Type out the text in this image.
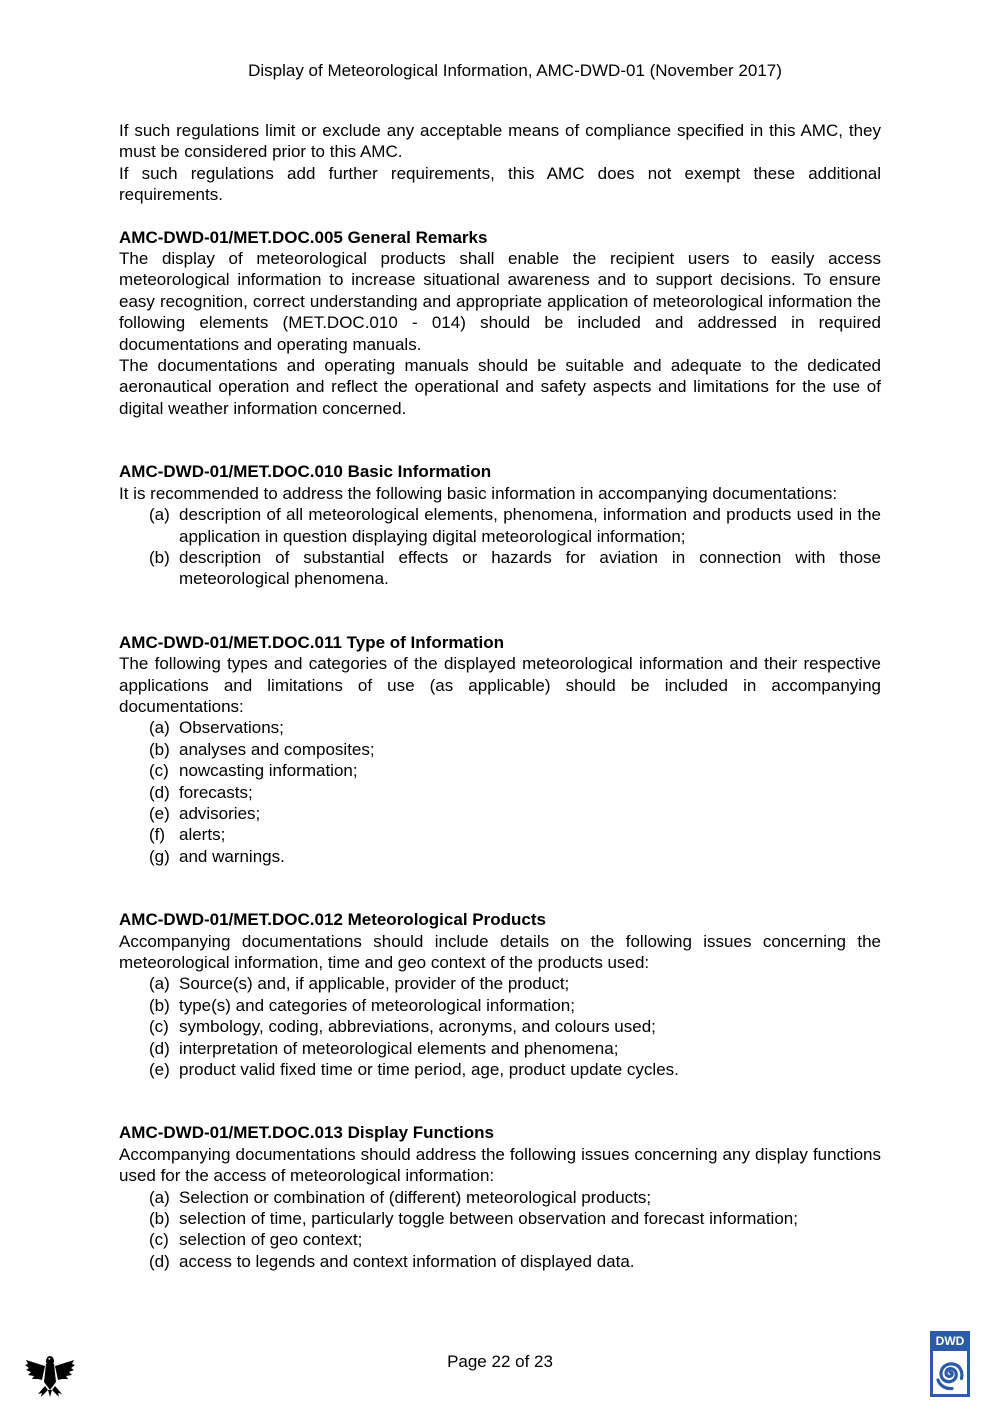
Display of Meteorological Information, AMC-DWD-01 (November 2017)

If such regulations limit or exclude any acceptable means of compliance specified in this AMC, they must be considered prior to this AMC.

If such regulations add further requirements, this AMC does not exempt these additional requirements.

AMC-DWD-01/MET.DOC.005 General Remarks

The display of meteorological products shall enable the recipient users to easily access meteorological information to increase situational awareness and to support decisions. To ensure easy recognition, correct understanding and appropriate application of meteorological information the following elements (MET.DOC.010 - 014) should be included and addressed in required documentations and operating manuals.

The documentations and operating manuals should be suitable and adequate to the dedicated aeronautical operation and reflect the operational and safety aspects and limitations for the use of digital weather information concerned.

AMC-DWD-01/MET.DOC.010 Basic Information

It is recommended to address the following basic information in accompanying documentations:

(a) description of all meteorological elements, phenomena, information and products used in the application in question displaying digital meteorological information;
(b) description of substantial effects or hazards for aviation in connection with those meteorological phenomena.
AMC-DWD-01/MET.DOC.011 Type of Information

The following types and categories of the displayed meteorological information and their respective applications and limitations of use (as applicable) should be included in accompanying documentations:

(a) Observations;
(b) analyses and composites;
(c) nowcasting information;
(d) forecasts;
(e) advisories;
(f) alerts;
(g) and warnings.
AMC-DWD-01/MET.DOC.012 Meteorological Products

Accompanying documentations should include details on the following issues concerning the meteorological information, time and geo context of the products used:

(a) Source(s) and, if applicable, provider of the product;
(b) type(s) and categories of meteorological information;
(c) symbology, coding, abbreviations, acronyms, and colours used;
(d) interpretation of meteorological elements and phenomena;
(e) product valid fixed time or time period, age, product update cycles.
AMC-DWD-01/MET.DOC.013 Display Functions

Accompanying documentations should address the following issues concerning any display functions used for the access of meteorological information:

(a) Selection or combination of (different) meteorological products;
(b) selection of time, particularly toggle between observation and forecast information;
(c) selection of geo context;
(d) access to legends and context information of displayed data.
Page 22 of 23
DWD
